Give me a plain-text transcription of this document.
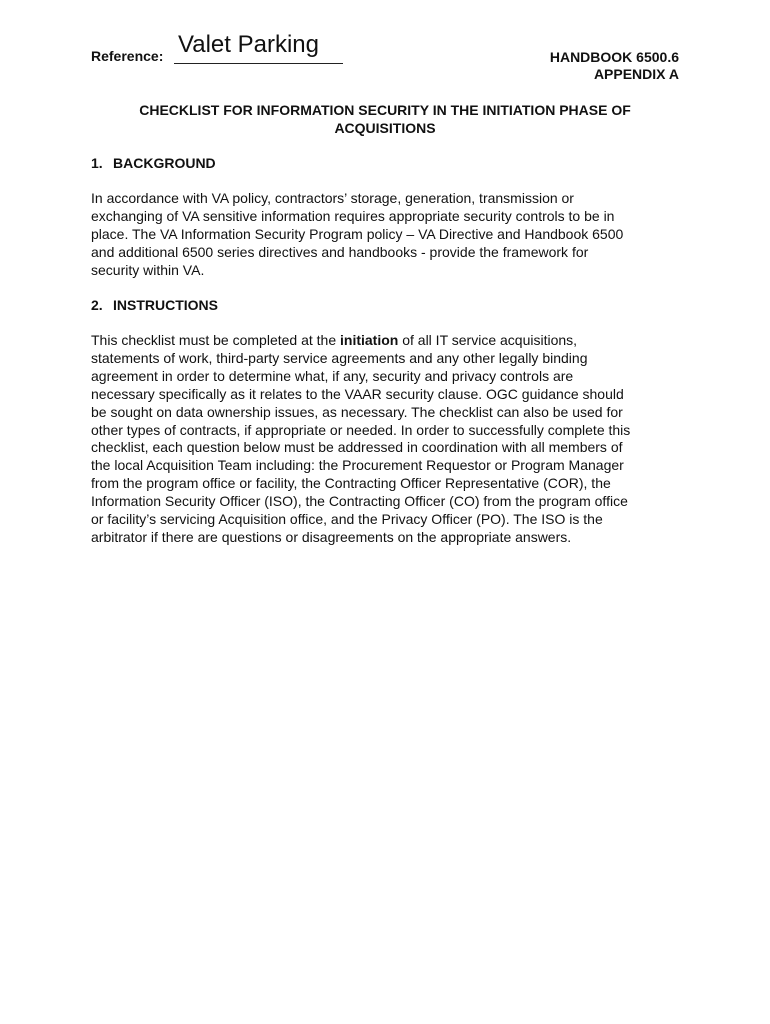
Reference: Valet Parking	HANDBOOK 6500.6
APPENDIX A
CHECKLIST FOR INFORMATION SECURITY IN THE INITIATION PHASE OF
ACQUISITIONS
1. BACKGROUND
In accordance with VA policy, contractors’ storage, generation, transmission or
exchanging of VA sensitive information requires appropriate security controls to be in
place. The VA Information Security Program policy – VA Directive and Handbook 6500
and additional 6500 series directives and handbooks - provide the framework for
security within VA.
2. INSTRUCTIONS
This checklist must be completed at the initiation of all IT service acquisitions,
statements of work, third-party service agreements and any other legally binding
agreement in order to determine what, if any, security and privacy controls are
necessary specifically as it relates to the VAAR security clause. OGC guidance should
be sought on data ownership issues, as necessary. The checklist can also be used for
other types of contracts, if appropriate or needed. In order to successfully complete this
checklist, each question below must be addressed in coordination with all members of
the local Acquisition Team including: the Procurement Requestor or Program Manager
from the program office or facility, the Contracting Officer Representative (COR), the
Information Security Officer (ISO), the Contracting Officer (CO) from the program office
or facility’s servicing Acquisition office, and the Privacy Officer (PO). The ISO is the
arbitrator if there are questions or disagreements on the appropriate answers.
